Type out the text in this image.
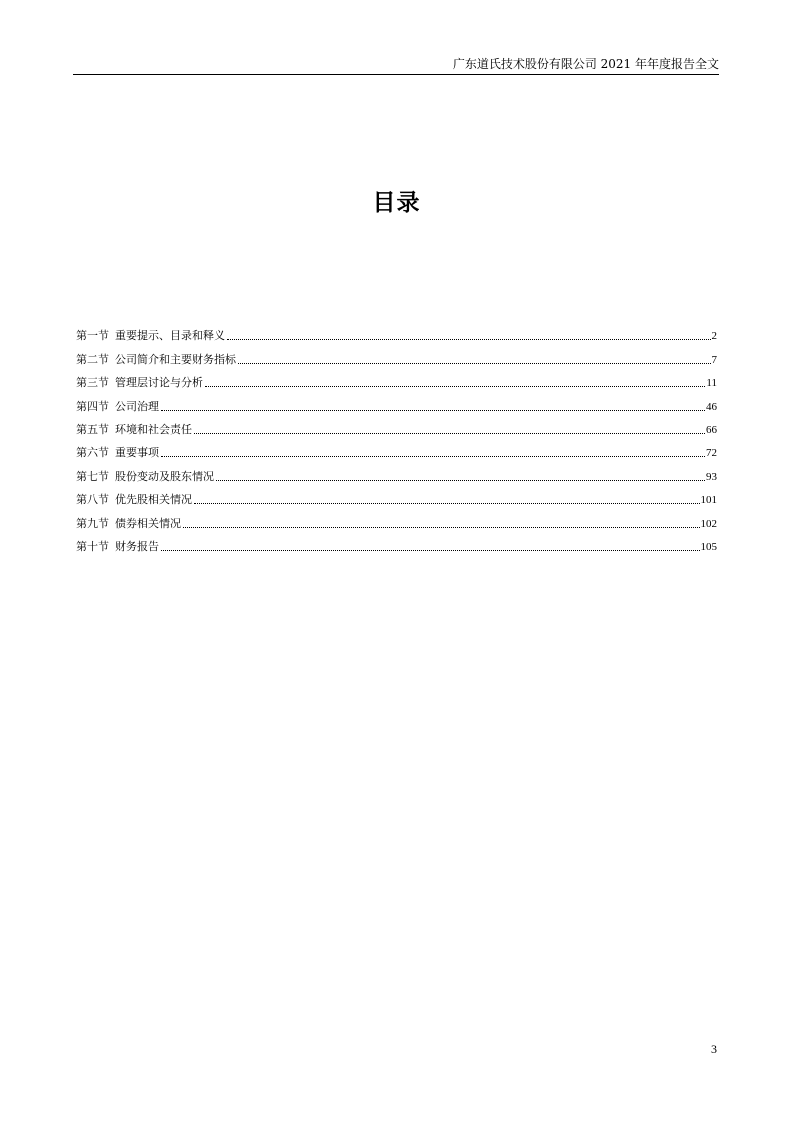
广东道氏技术股份有限公司 2021 年年度报告全文
目录
第一节 重要提示、目录和释义	2
第二节 公司简介和主要财务指标	7
第三节 管理层讨论与分析	11
第四节 公司治理	46
第五节 环境和社会责任	66
第六节 重要事项	72
第七节 股份变动及股东情况	93
第八节 优先股相关情况	101
第九节 债券相关情况	102
第十节 财务报告	105
3
